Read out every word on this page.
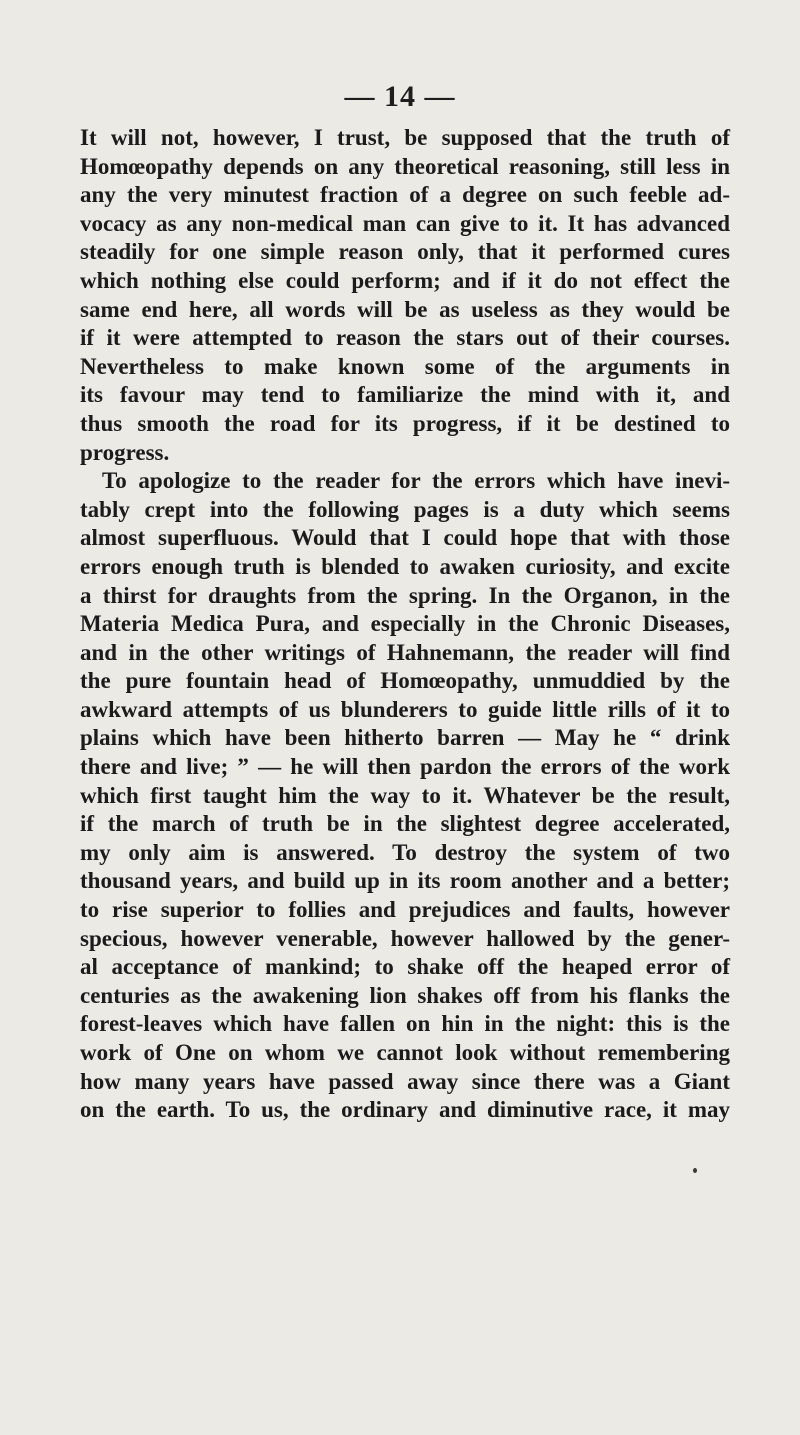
— 14 —
It will not, however, I trust, be supposed that the truth of
Homœopathy depends on any theoretical reasoning, still less in
any the very minutest fraction of a degree on such feeble ad-
vocacy as any non-medical man can give to it. It has advanced
steadily for one simple reason only, that it performed cures
which nothing else could perform; and if it do not effect the
same end here, all words will be as useless as they would be
if it were attempted to reason the stars out of their courses.
Nevertheless to make known some of the arguments in
its favour may tend to familiarize the mind with it, and
thus smooth the road for its progress, if it be destined to
progress.
To apologize to the reader for the errors which have inevi-
tably crept into the following pages is a duty which seems
almost superfluous. Would that I could hope that with those
errors enough truth is blended to awaken curiosity, and excite
a thirst for draughts from the spring. In the Organon, in the
Materia Medica Pura, and especially in the Chronic Diseases,
and in the other writings of Hahnemann, the reader will find
the pure fountain head of Homœopathy, unmuddied by the
awkward attempts of us blunderers to guide little rills of it to
plains which have been hitherto barren — May he “ drink
there and live; ” — he will then pardon the errors of the work
which first taught him the way to it. Whatever be the result,
if the march of truth be in the slightest degree accelerated,
my only aim is answered. To destroy the system of two
thousand years, and build up in its room another and a better;
to rise superior to follies and prejudices and faults, however
specious, however venerable, however hallowed by the gener-
al acceptance of mankind; to shake off the heaped error of
centuries as the awakening lion shakes off from his flanks the
forest-leaves which have fallen on hin in the night: this is the
work of One on whom we cannot look without remembering
how many years have passed away since there was a Giant
on the earth. To us, the ordinary and diminutive race, it may
